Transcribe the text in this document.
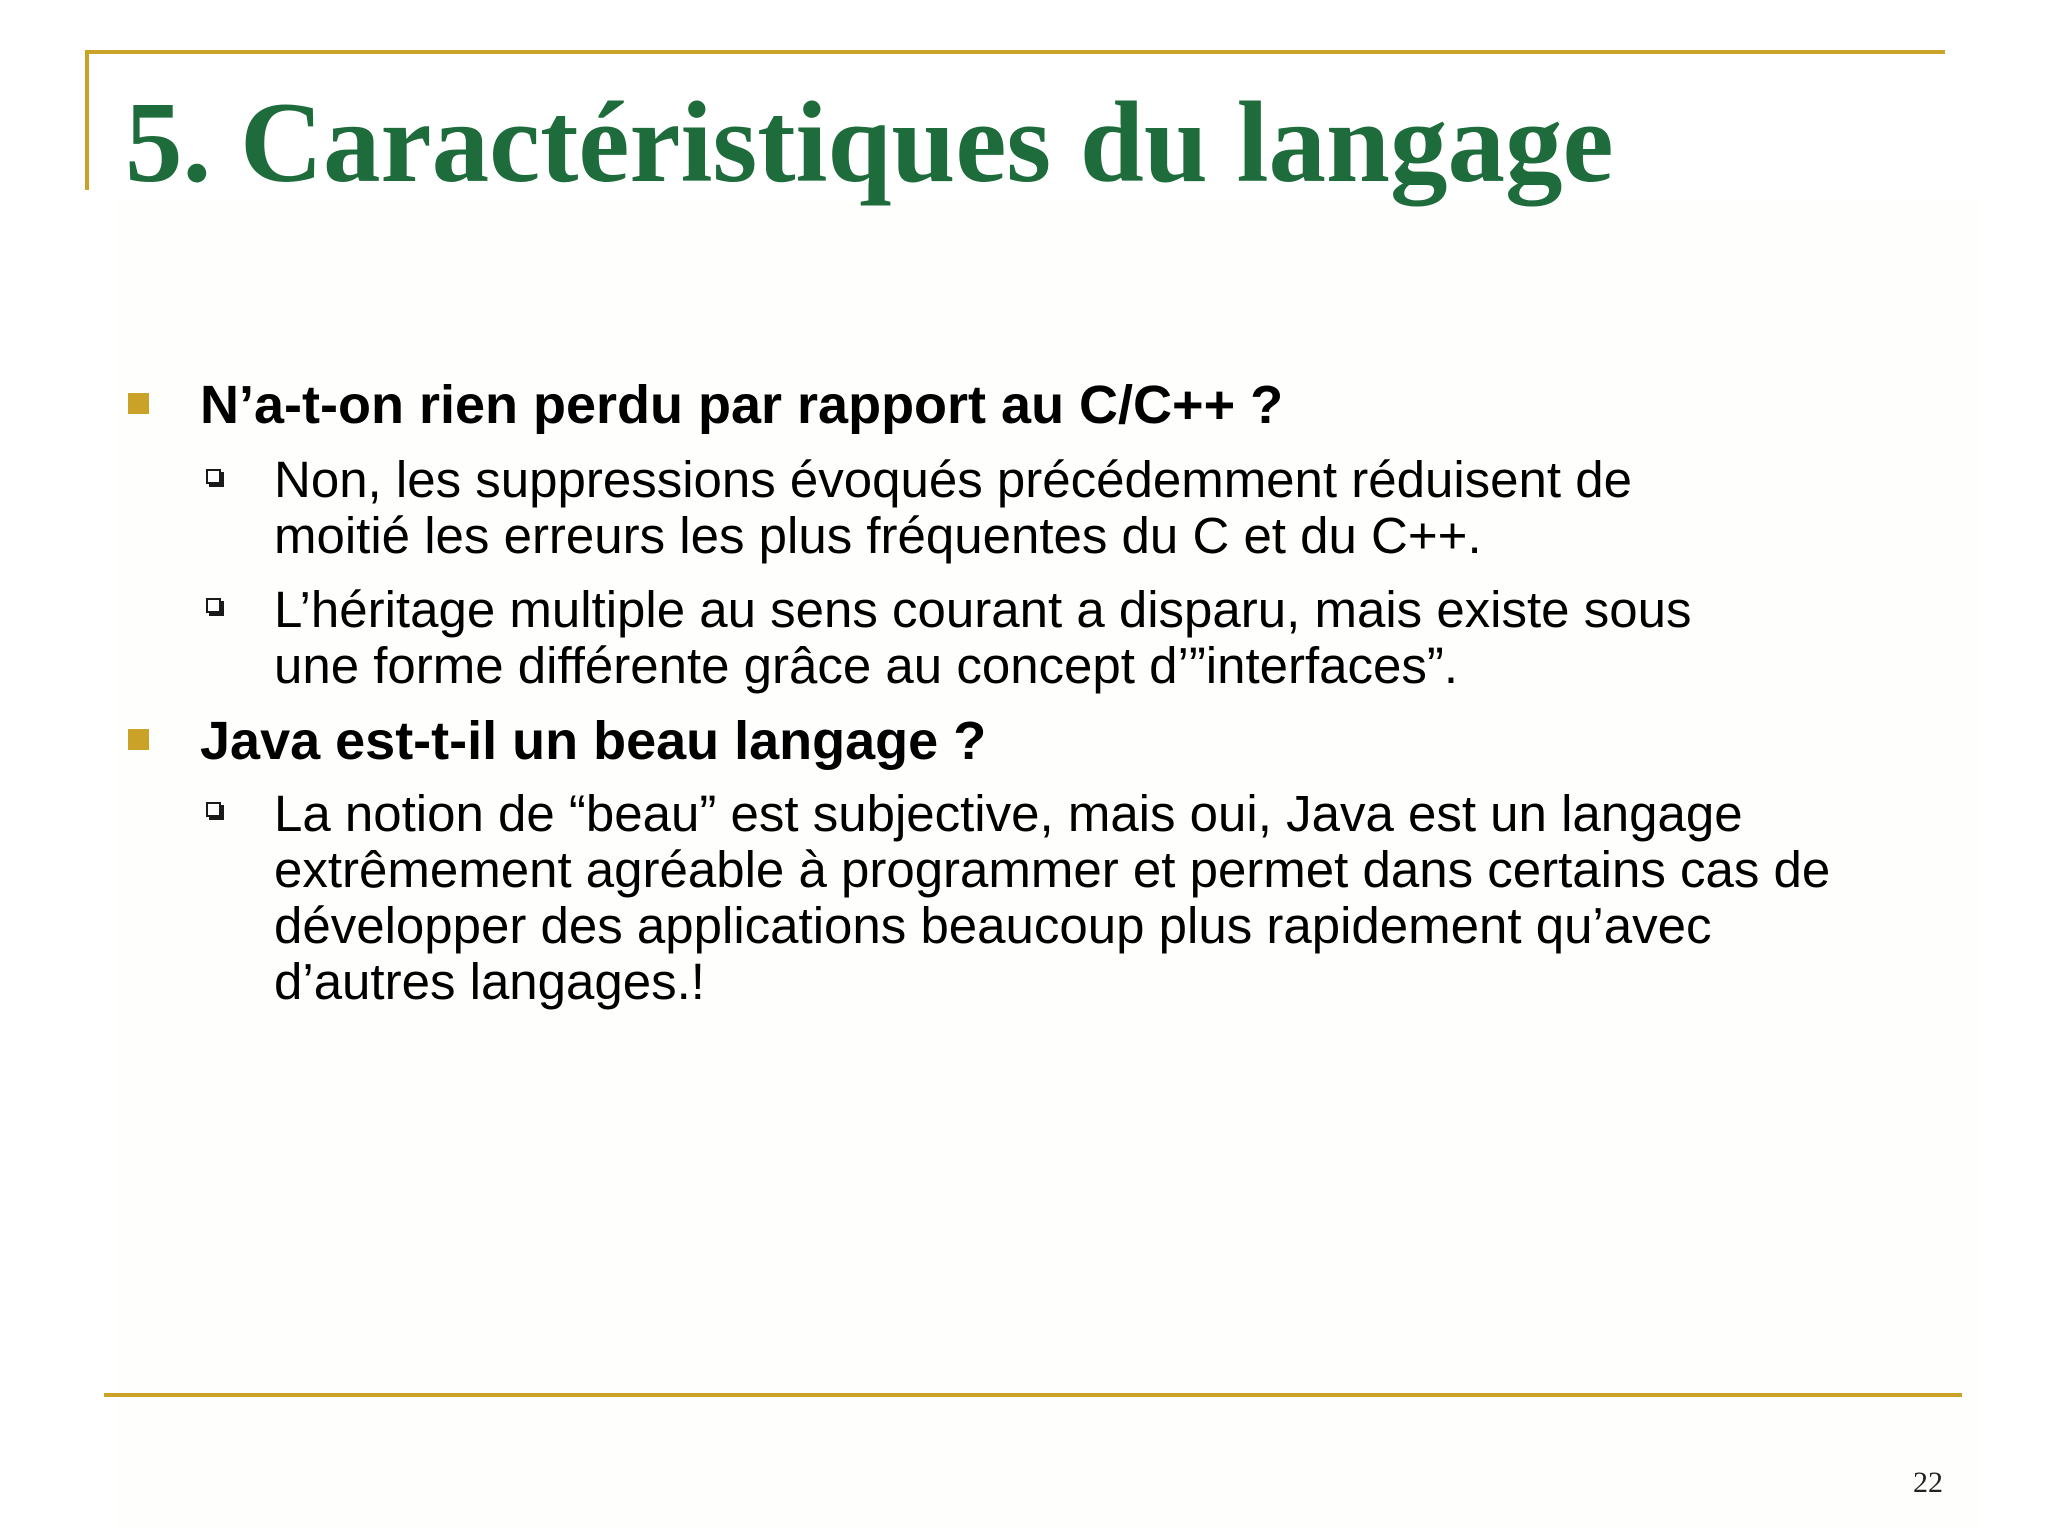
5. Caractéristiques du langage
N’a-t-on rien perdu par rapport au C/C++ ?
Non, les suppressions évoqués précédemment réduisent de
moitié les erreurs les plus fréquentes du C et du C++.
L’héritage multiple au sens courant a disparu, mais existe sous
une forme différente grâce au concept d’”interfaces”.
Java est-t-il un beau langage ?
La notion de “beau” est subjective, mais oui, Java est un langage
extrêmement agréable à programmer et permet dans certains cas de
développer des applications beaucoup plus rapidement qu’avec
d’autres langages.!
22
